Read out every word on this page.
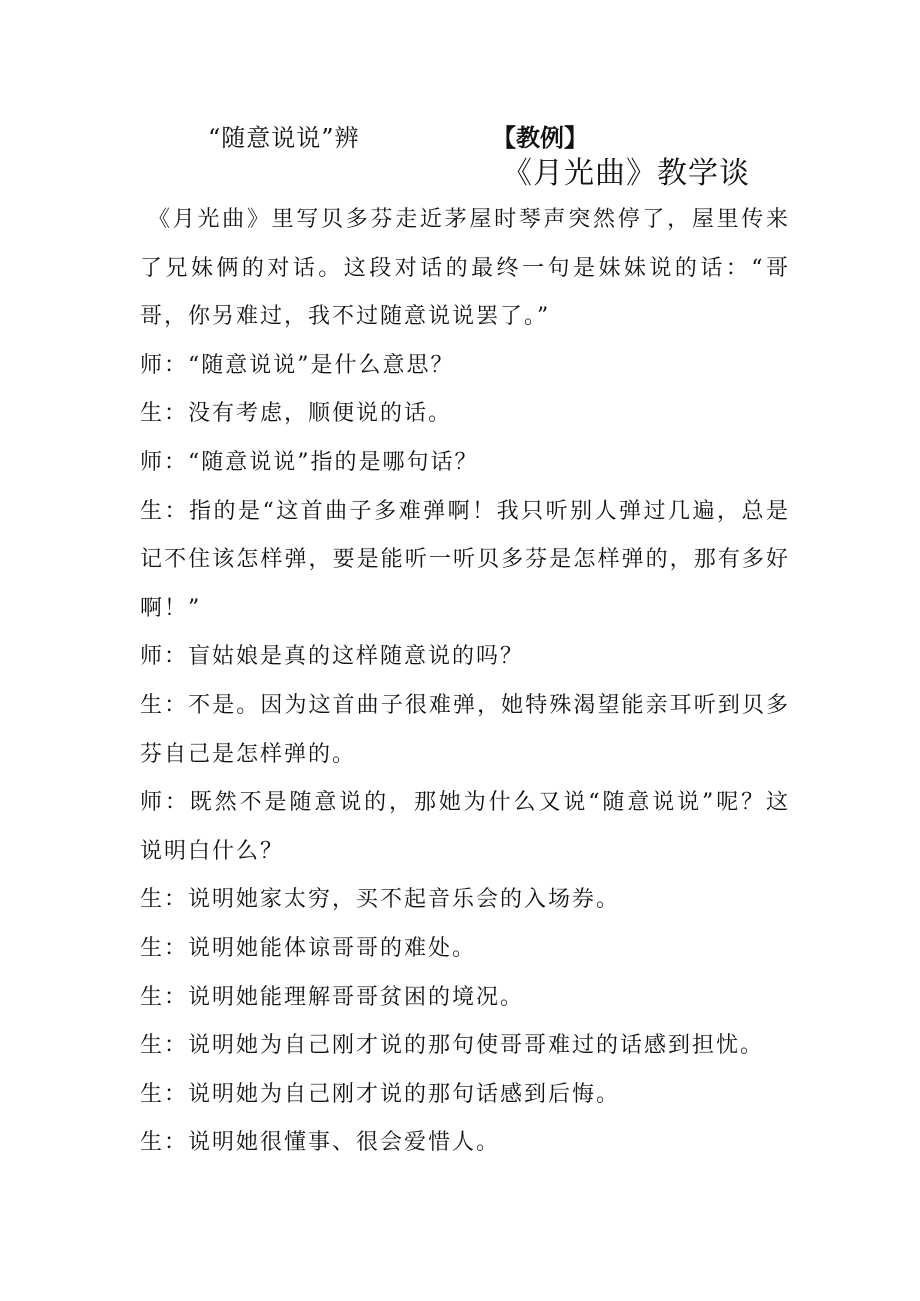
“随意说说”辨	【教例】
《月光曲》教学谈

《月光曲》里写贝多芬走近茅屋时琴声突然停了，屋里传来了兄妹俩的对话。这段对话的最终一句是妹妹说的话：“哥哥，你另难过，我不过随意说说罢了。”

师：“随意说说”是什么意思？

生：没有考虑，顺便说的话。

师：“随意说说”指的是哪句话？

生：指的是“这首曲子多难弹啊！我只听别人弹过几遍，总是记不住该怎样弹，要是能听一听贝多芬是怎样弹的，那有多好啊！”

师：盲姑娘是真的这样随意说的吗？

生：不是。因为这首曲子很难弹，她特殊渴望能亲耳听到贝多芬自己是怎样弹的。

师：既然不是随意说的，那她为什么又说“随意说说”呢？这说明白什么？

生：说明她家太穷，买不起音乐会的入场券。

生：说明她能体谅哥哥的难处。

生：说明她能理解哥哥贫困的境况。

生：说明她为自己刚才说的那句使哥哥难过的话感到担忧。

生：说明她为自己刚才说的那句话感到后悔。

生：说明她很懂事、很会爱惜人。
